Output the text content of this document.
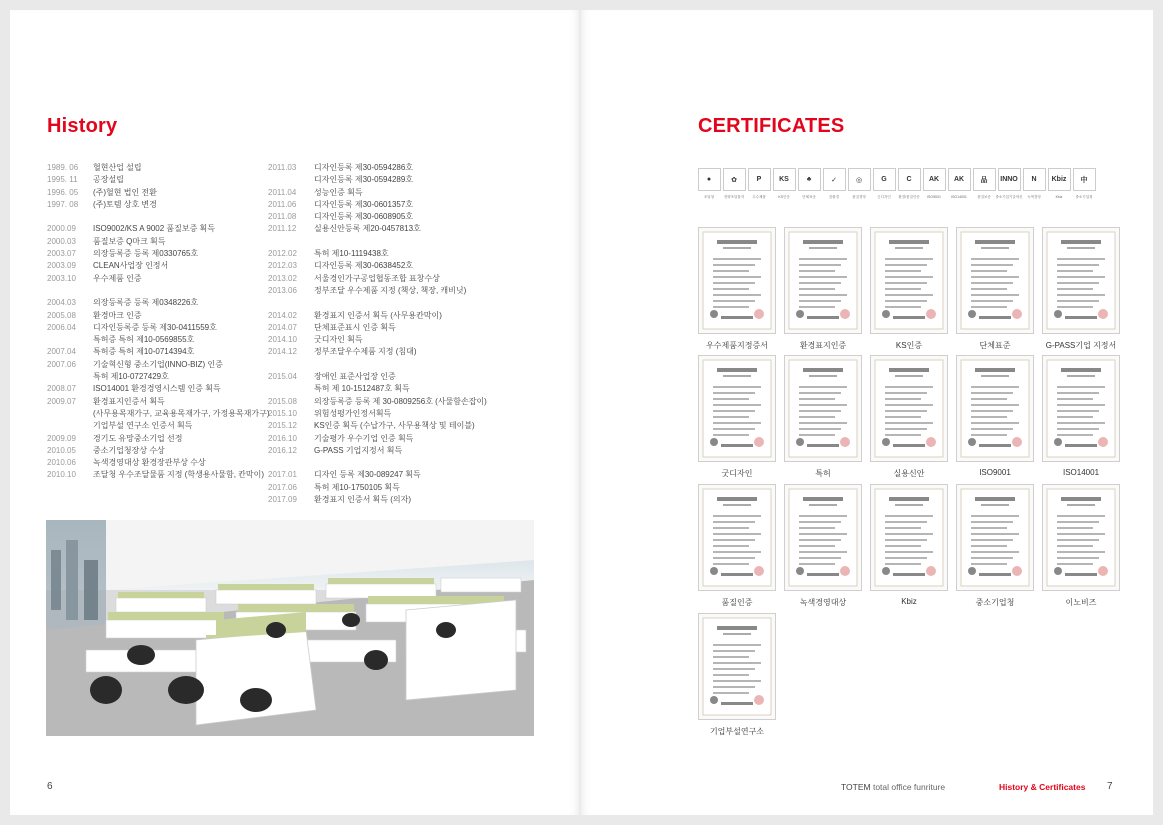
History
1989. 06	혈현산업 설립
1995. 11	공장설립
1996. 05	(주)혈현 법인 전환
1997. 08	(주)토템 상호 변경
2000.09	ISO9002/KS A 9002 품질보증 획득
2000.03	품질보증 Q마크 획득
2003.07	의장등록증 등록 제0330765호
2003.09	CLEAN사업장 인정서
2003.10	우수제품 인증
2004.03	의장등록증 등록 제0348226호
2005.08	환경마크 인증
2006.04	디자인등록증 등록 제30-0411559호
특허증 특허 제10-0569855호
2007.04	특허증 특허 제10-0714394호
2007.06	기술혁신형 중소기업(INNO-BIZ) 인증
특허 제10-0727429호
2008.07	ISO14001 환경경영시스템 인증 획득
2009.07	환경표지인증서 획득
(사무용목재가구, 교육용목재가구, 가정용목재가구)
기업부설 연구소 인증서 획득
2009.09	경기도 유망중소기업 선정
2010.05	중소기업청장상 수상
2010.06	녹색경영대상 환경장관부상 수상
2010.10	조달청 우수조달물품 지정 (학생용사물함, 칸막이)
2011.03	디자인등록 제30-0594286호
디자인등록 제30-0594289호
2011.04	성능인증 획득
2011.06	디자인등록 제30-0601357호
2011.08	디자인등록 제30-0608905호
2011.12	실용신안등록 제20-0457813호
2012.02	특허 제10-1119438호
2012.03	디자인등록 제30-0638452호
2013.02	서울경인가구공업협동조합 표창수상
2013.06	정부조달 우수제품 지정 (책상, 책장, 캐비닛)
2014.02	환경표지 인증서 획득 (사무용칸막이)
2014.07	단체표준표시 인증 획득
2014.10	굿디자인 획득
2014.12	정부조달우수제품 지정 (침대)
2015.04	장애인 표준사업장 인증
특허 제 10-1512487호 획득
2015.08	의장등록증 등록 제 30-0809256호 (사물함손잡이)
2015.10	위험성평가인정서획득
2015.12	KS인증 획득 (수납가구, 사무용책상 및 테이블)
2016.10	기술평가 우수기업 인증 획득
2016.12	G-PASS 기업지정서 획득
2017.01	디자인 등록 제30-089247 획득
2017.06	특허 제10-1750105 획득
2017.09	환경표지 인증서 획득 (의자)
CERTIFICATES
●
조달청
✿
전략조달물자
P
우수제품
KS
KS인증
♣
단체표준
✓
친환경
◎
품질경영
G
굿디자인
C
환경/품질인증
AK
ISO9001
AK
ISO14001
品
품질보증
INNO
중소기업기술혁신
N
녹색경영
Kbiz
Kbiz
中
중소기업청
우수제품지정증서	환경표지인증	KS인증	단체표준	G-PASS기업 지정서
굿디자인	특허	실용신안	ISO9001	ISO14001
품질인증	녹색경영대상	Kbiz	중소기업청	이노비즈
기업부설연구소
6	TOTEM total office funriture	History & Certificates 7
